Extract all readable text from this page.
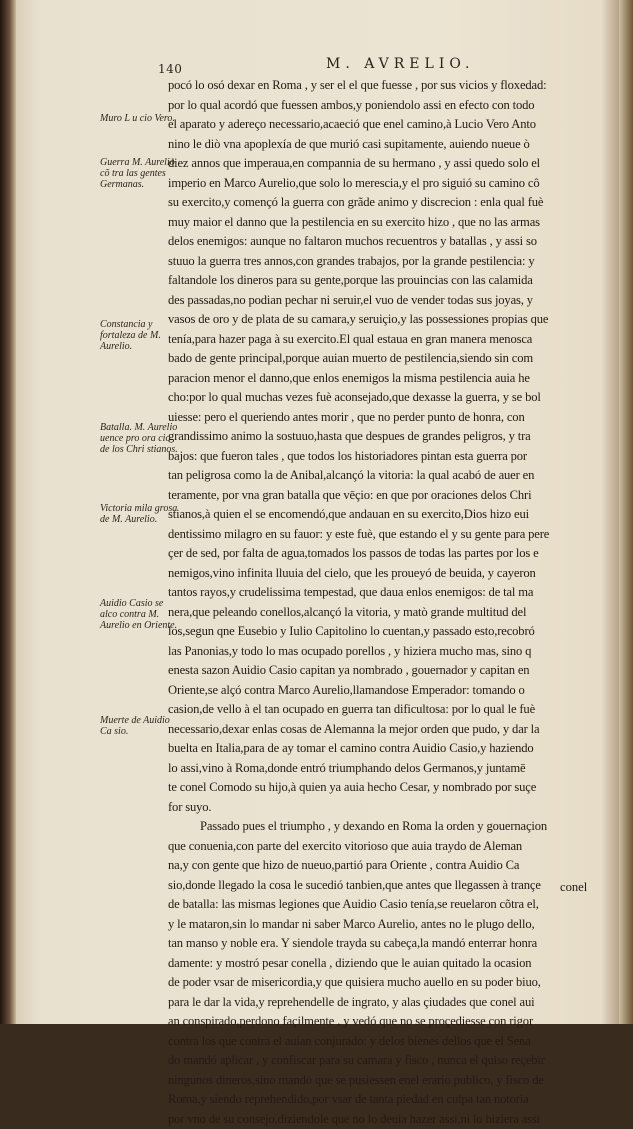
140	M. AVRELIO.
Muro L u cio Vero.
Guerra M. Aurelio cõ tra las gentes Germanas.
Constancia y fortaleza de M. Aurelio.
Batalla. M. Aurelio uence pro ora cio de los Chri stianos.
Victoria mila grosa de M. Aurelio.
Auidio Casio se alco contra M. Aurelio en Oriente.
Muerte de Auidio Ca sio.
pocó lo osó dexar en Roma , y ser el el que fuesse , por sus vicios y floxedad:
por lo qual acordó que fuessen ambos,y poniendolo assi en efecto con todo
el aparato y adereço necessario,acaeció que enel camino,à Lucio Vero Anto
nino le diò vna apoplexía de que murió casi supitamente, auiendo nueue ò
diez annos que imperaua,en compannia de su hermano , y assi quedo solo el
imperio en Marco Aurelio,que solo lo merescia,y el pro siguió su camino cô
su exercito,y començó la guerra con grãde animo y discrecion : enla qual fuè
muy maior el danno que la pestilencia en su exercito hizo , que no las armas
delos enemigos: aunque no faltaron muchos recuentros y batallas , y assi so
stuuo la guerra tres annos,con grandes trabajos, por la grande pestilencia: y
faltandole los dineros para su gente,porque las prouincias con las calamida
des passadas,no podian pechar ni seruir,el vuo de vender todas sus joyas, y
vasos de oro y de plata de su camara,y seruiçio,y las possessiones propias que
tenía,para hazer paga à su exercito.El qual estaua en gran manera menosca
bado de gente principal,porque auian muerto de pestilencia,siendo sin com
paracion menor el danno,que enlos enemigos la misma pestilencia auia he
cho:por lo qual muchas vezes fuè aconsejado,que dexasse la guerra, y se bol
uiesse: pero el queriendo antes morir , que no perder punto de honra, con
grandissimo animo la sostuuo,hasta que despues de grandes peligros, y tra
bajos: que fueron tales , que todos los historiadores pintan esta guerra por
tan peligrosa como la de Anibal,alcançó la vitoria: la qual acabó de auer en
teramente, por vna gran batalla que vēçio: en que por oraciones delos Chri
stianos,à quien el se encomendó,que andauan en su exercito,Dios hizo eui
dentissimo milagro en su fauor: y este fuè, que estando el y su gente para pere
çer de sed, por falta de agua,tomados los passos de todas las partes por los e
nemigos,vino infinita lluuia del cielo, que les proueyó de beuida, y cayeron
tantos rayos,y crudelissima tempestad, que daua enlos enemigos: de tal ma
nera,que peleando conellos,alcançó la vitoria, y matò grande multitud del
los,segun qne Eusebio y Iulio Capitolino lo cuentan,y passado esto,recobró
las Panonias,y todo lo mas ocupado porellos , y hiziera mucho mas, sino q
enesta sazon Auidio Casio capitan ya nombrado , gouernador y capitan en
Oriente,se alçó contra Marco Aurelio,llamandose Emperador: tomando o
casion,de vello à el tan ocupado en guerra tan dificultosa: por lo qual le fuè
necessario,dexar enlas cosas de Alemanna la mejor orden que pudo, y dar la
buelta en Italia,para de ay tomar el camino contra Auidio Casio,y haziendo
lo assi,vino à Roma,donde entró triumphando delos Germanos,y juntamē
te conel Comodo su hijo,à quien ya auia hecho Cesar, y nombrado por suçe
for suyo.
Passado pues el triumpho , y dexando en Roma la orden y gouernaçion
que conuenia,con parte del exercito vitorioso que auia traydo de Aleman
na,y con gente que hizo de nueuo,partió para Oriente , contra Auidio Ca
sio,donde llegado la cosa le sucedió tanbien,que antes que llegassen à trançe
de batalla: las mismas legiones que Auidio Casio tenía,se reuelaron cõtra el,
y le mataron,sin lo mandar ni saber Marco Aurelio, antes no le plugo dello,
tan manso y noble era. Y siendole trayda su cabeça,la mandó enterrar honra
damente: y mostró pesar conella , diziendo que le auian quitado la ocasion
de poder vsar de misericordia,y que quisiera mucho auello en su poder biuo,
para le dar la vida,y reprehendelle de ingrato, y alas çiudades que conel aui
an conspirado,perdono façilmente , y vedó que no se proçediesse con rigor
contra los que contra el auian conjurado: y delos bienes dellos que el Sena
do mandó aplicar , y confiscar para su camara y fisco , nunca el quiso reçebir
ningunos dineros,sino mandò que se pusiessen enel erario publico, y fisco de
Roma,y siendo reprehendido,por vsar de tanta piedad en culpa tan notoria
por vno de su consejo,diziendole que no lo deuia hazer assi,ni lo hiziera assi
conel
